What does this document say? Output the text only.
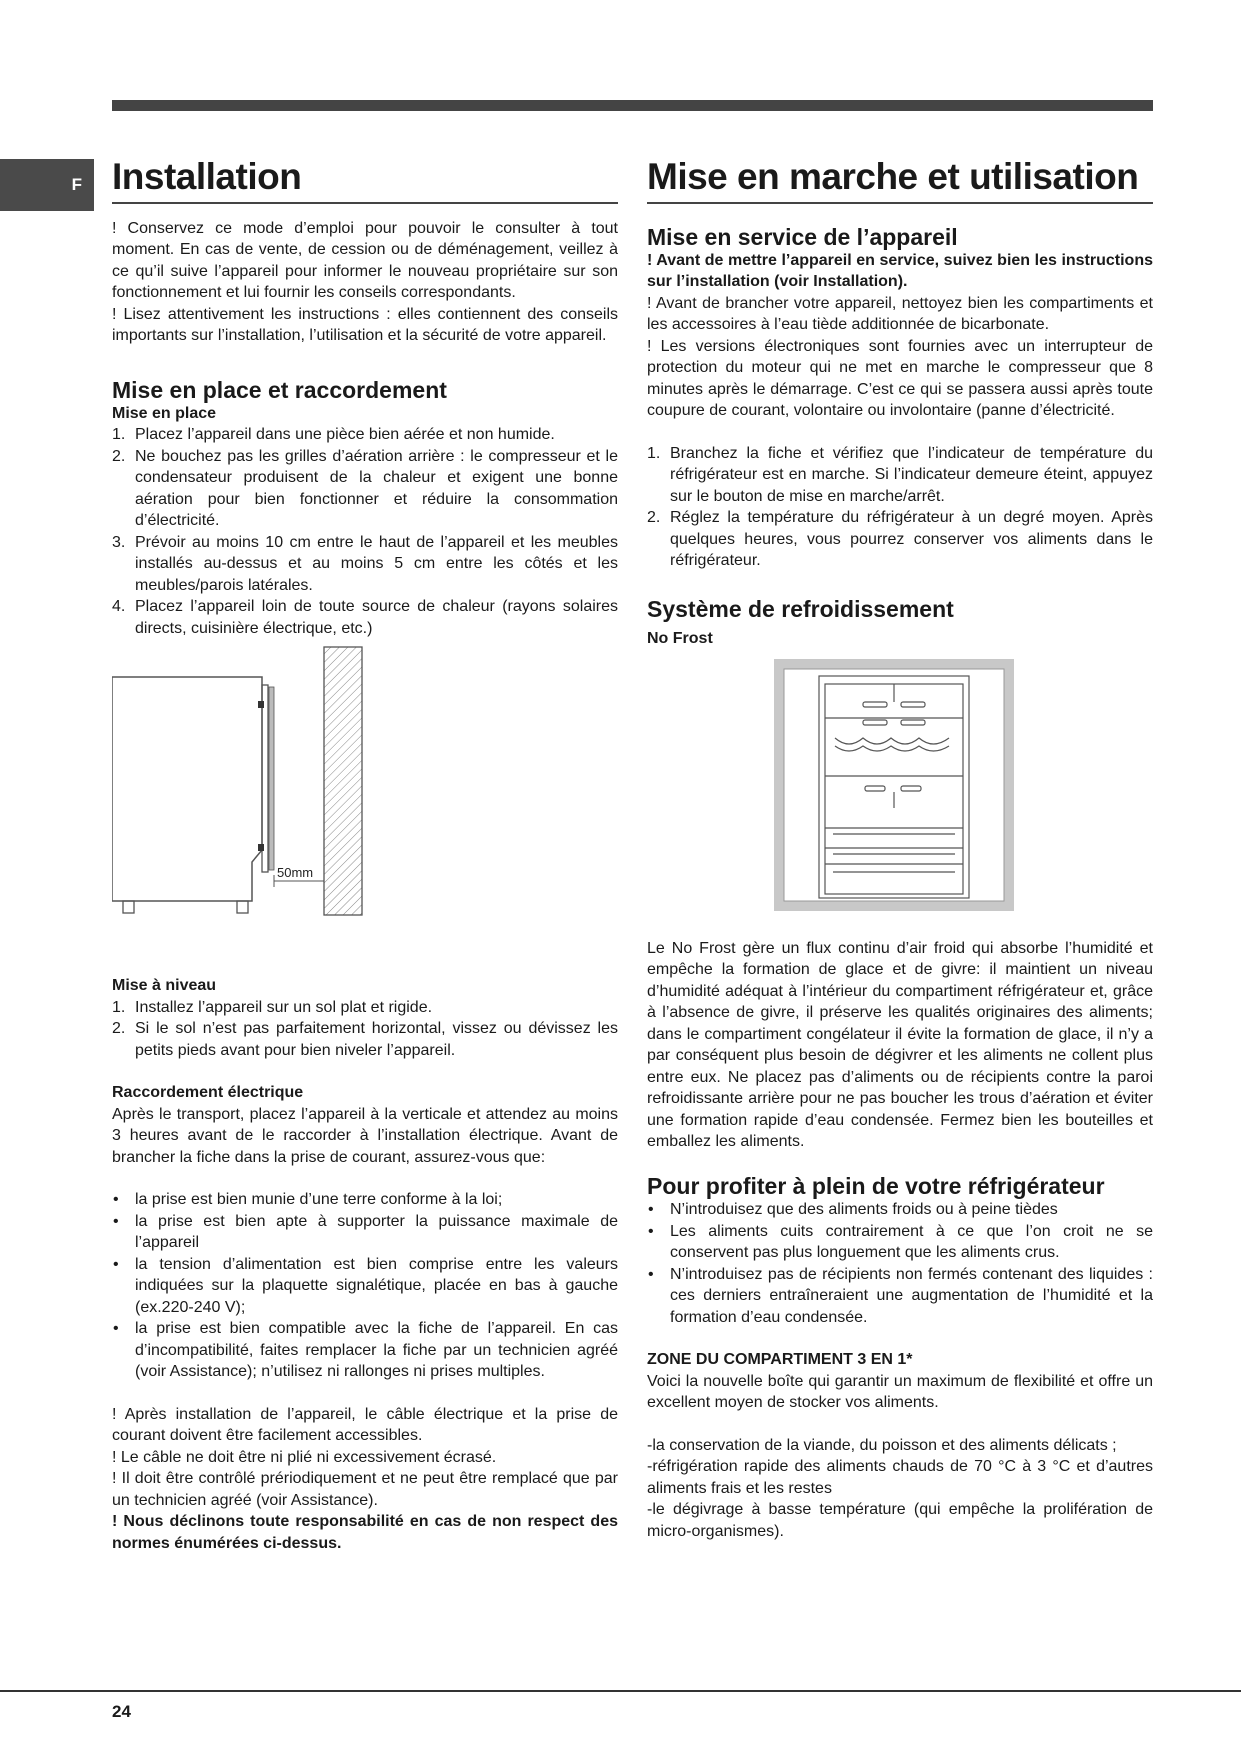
F Installation

! Conservez ce mode d’emploi pour pouvoir le consulter à tout moment. En cas de vente, de cession ou de déménagement, veillez à ce qu’il suive l’appareil pour informer le nouveau propriétaire sur son fonctionnement et lui fournir les conseils correspondants.

! Lisez attentivement les instructions : elles contiennent des conseils importants sur l’installation, l’utilisation et la sécurité de votre appareil.

Mise en place et raccordement
Mise en place
1. Placez l’appareil dans une pièce bien aérée et non humide.
2. Ne bouchez pas les grilles d’aération arrière : le compresseur et le condensateur produisent de la chaleur et exigent une bonne aération pour bien fonctionner et réduire la consommation d’électricité.
3. Prévoir au moins 10 cm entre le haut de l’appareil et les meubles installés au-dessus et au moins 5 cm entre les côtés et les meubles/parois latérales.
4. Placez l’appareil loin de toute source de chaleur (rayons solaires directs, cuisinière électrique, etc.)
50mm
Mise à niveau
1. Installez l’appareil sur un sol plat et rigide.
2. Si le sol n’est pas parfaitement horizontal, vissez ou dévissez les petits pieds avant pour bien niveler l’appareil.
Raccordement électrique

Après le transport, placez l’appareil à la verticale et attendez au moins 3 heures avant de le raccorder à l’installation électrique. Avant de brancher la fiche dans la prise de courant, assurez-vous que:

• la prise est bien munie d’une terre conforme à la loi;
• la prise est bien apte à supporter la puissance maximale de l’appareil
• la tension d’alimentation est bien comprise entre les valeurs indiquées sur la plaquette signalétique, placée en bas à gauche (ex.220-240 V);
• la prise est bien compatible avec la fiche de l’appareil. En cas d’incompatibilité, faites remplacer la fiche par un technicien agréé (voir Assistance); n’utilisez ni rallonges ni prises multiples.

! Après installation de l’appareil, le câble électrique et la prise de courant doivent être facilement accessibles.

! Le câble ne doit être ni plié ni excessivement écrasé.

! Il doit être contrôlé prériodiquement et ne peut être remplacé que par un technicien agréé (voir Assistance).

! Nous déclinons toute responsabilité en cas de non respect des normes énumérées ci-dessus.

Mise en marche et utilisation
Mise en service de l’appareil

! Avant de mettre l’appareil en service, suivez bien les instructions sur l’installation (voir Installation).

! Avant de brancher votre appareil, nettoyez bien les compartiments et les accessoires à l’eau tiède additionnée de bicarbonate.

! Les versions électroniques sont fournies avec un interrupteur de protection du moteur qui ne met en marche le compresseur que 8 minutes après le démarrage. C’est ce qui se passera aussi après toute coupure de courant, volontaire ou involontaire (panne d’électricité.

1. Branchez la fiche et vérifiez que l’indicateur de température du réfrigérateur est en marche. Si l’indicateur demeure éteint, appuyez sur le bouton de mise en marche/arrêt.
2. Réglez la température du réfrigérateur à un degré moyen. Après quelques heures, vous pourrez conserver vos aliments dans le réfrigérateur.
Système de refroidissement
No Frost

Le No Frost gère un flux continu d’air froid qui absorbe l’humidité et empêche la formation de glace et de givre: il maintient un niveau d’humidité adéquat à l’intérieur du compartiment réfrigérateur et, grâce à l’absence de givre, il préserve les qualités originaires des aliments; dans le compartiment congélateur il évite la formation de glace, il n’y a par conséquent plus besoin de dégivrer et les aliments ne collent plus entre eux. Ne placez pas d’aliments ou de récipients contre la paroi refroidissante arrière pour ne pas boucher les trous d’aération et éviter une formation rapide d’eau condensée. Fermez bien les bouteilles et emballez les aliments.

Pour profiter à plein de votre réfrigérateur
• N’introduisez que des aliments froids ou à peine tièdes
• Les aliments cuits contrairement à ce que l’on croit ne se conservent pas plus longuement que les aliments crus.
• N’introduisez pas de récipients non fermés contenant des liquides : ces derniers entraîneraient une augmentation de l’humidité et la formation d’eau condensée.
ZONE DU COMPARTIMENT 3 EN 1*

Voici la nouvelle boîte qui garantir un maximum de flexibilité et offre un excellent moyen de stocker vos aliments.

-la conservation de la viande, du poisson et des aliments délicats ;

-réfrigération rapide des aliments chauds de 70 °C à 3 °C et d’autres aliments frais et les restes

-le dégivrage à basse température (qui empêche la prolifération de micro-organismes).

24
